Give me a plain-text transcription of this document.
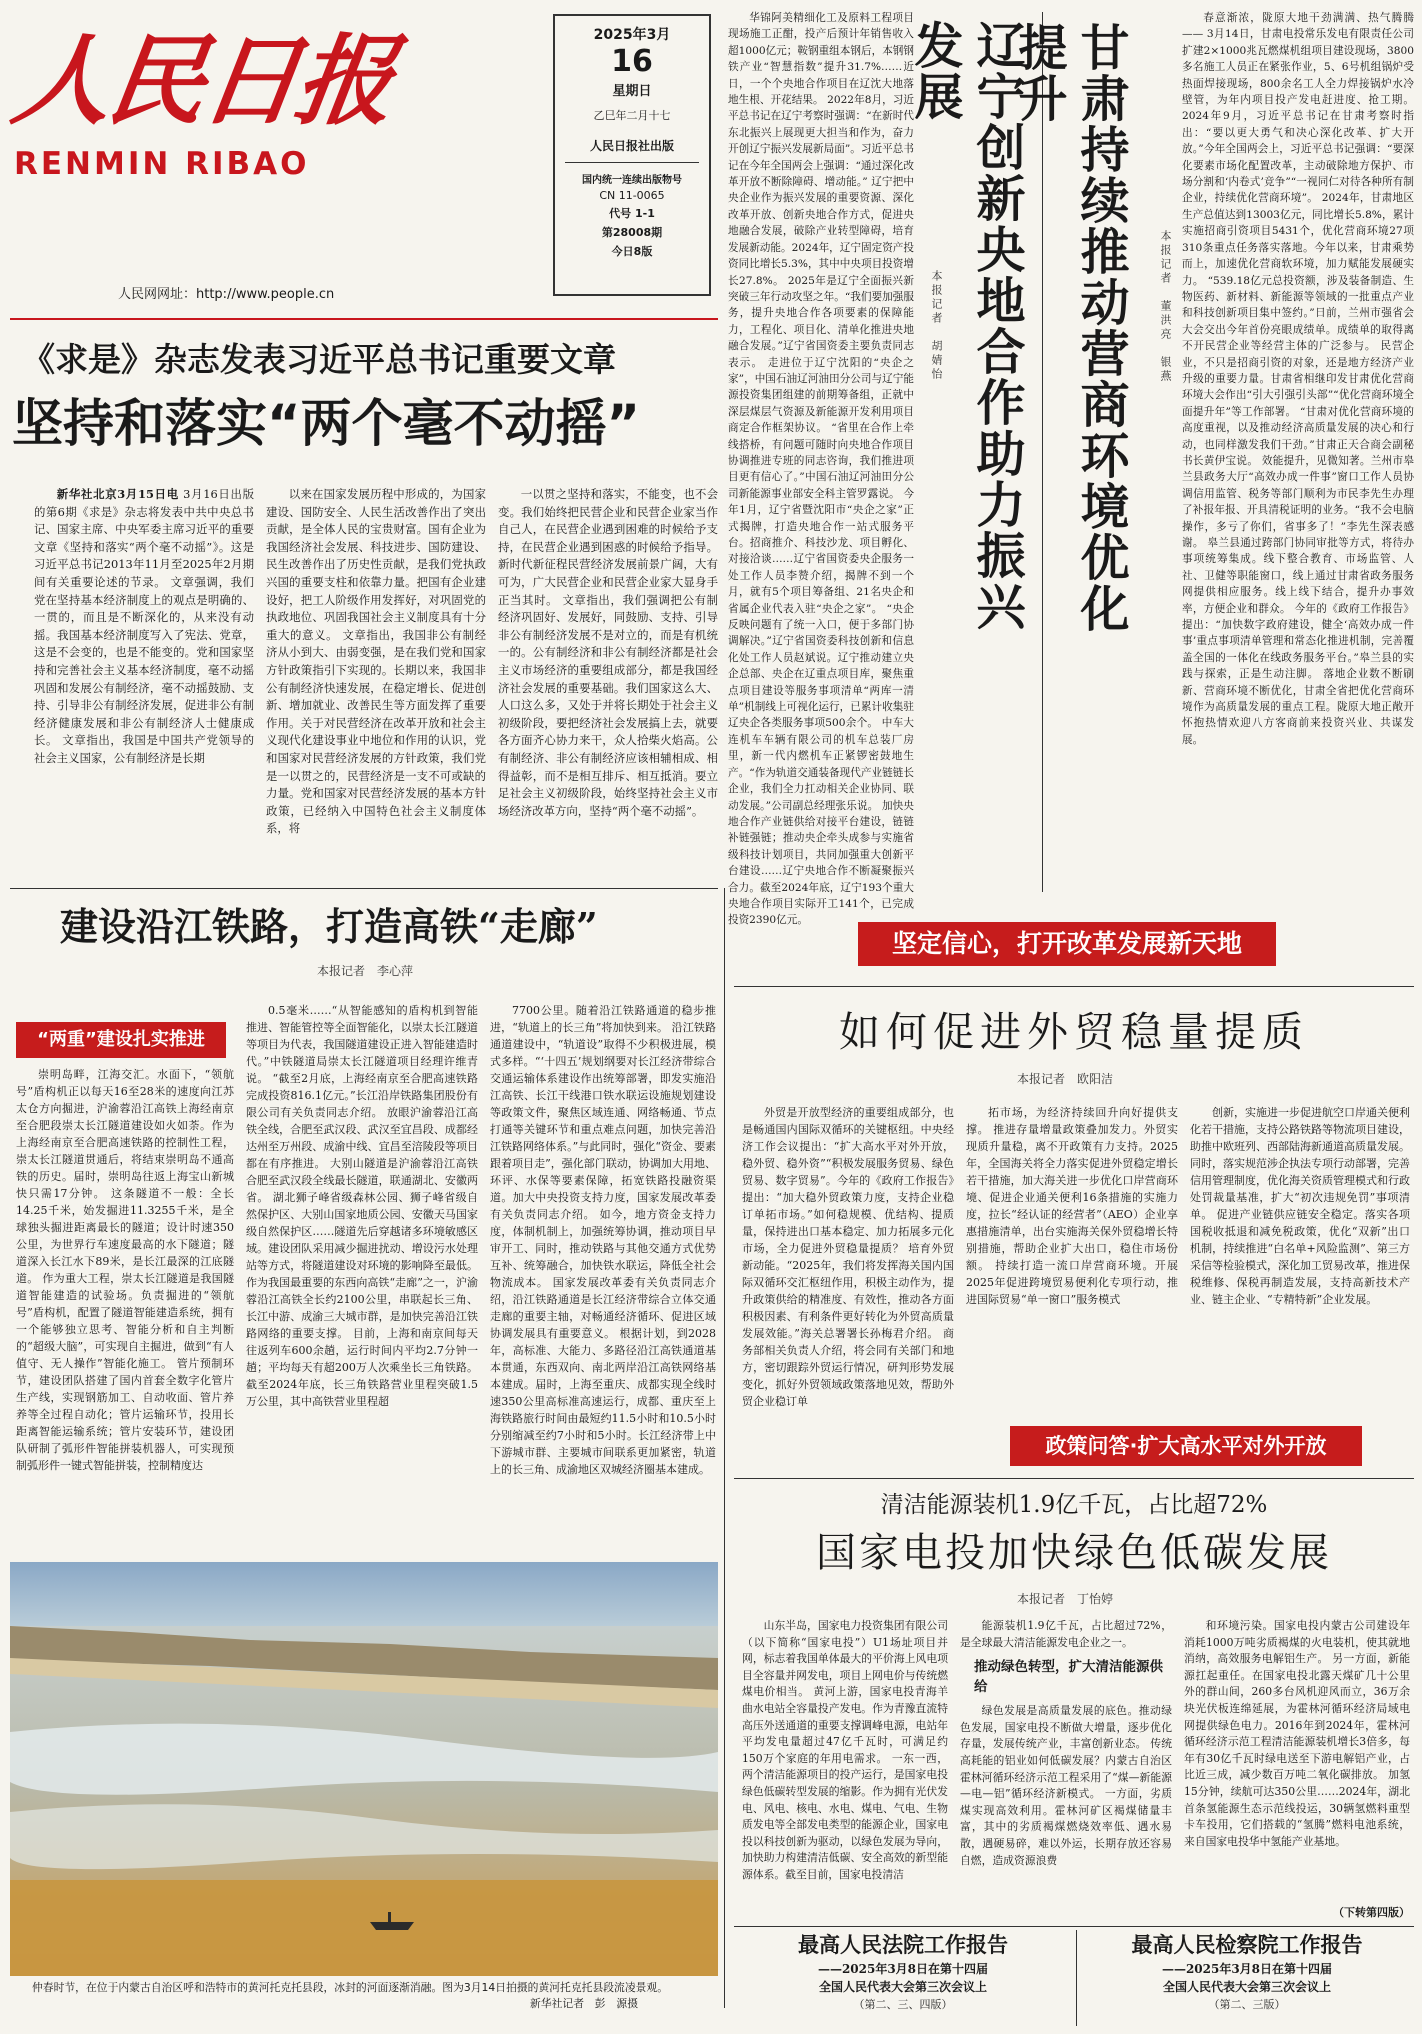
人民日报
RENMIN RIBAO
人民网网址：http://www.people.cn
2025年3月
16
星期日
乙巳年二月十七
人民日报社出版
国内统一连续出版物号
CN 11-0065
代号 1-1
第28008期
今日8版
华锦阿美精细化工及原料工程项目现场施工正酣，投产后预计年销售收入超1000亿元；鞍钢重组本钢后，本钢钢铁产业“智慧指数”提升31.7%……近日，一个个央地合作项目在辽沈大地落地生根、开花结果。 2022年8月，习近平总书记在辽宁考察时强调：“在新时代东北振兴上展现更大担当和作为，奋力开创辽宁振兴发展新局面”。习近平总书记在今年全国两会上强调：“通过深化改革开放不断除障碍、增动能。” 辽宁把中央企业作为振兴发展的重要资源、深化改革开放、创新央地合作方式，促进央地融合发展，破除产业转型障碍，培育发展新动能。2024年，辽宁固定资产投资同比增长5.3%，其中中央项目投资增长27.8%。 2025年是辽宁全面振兴新突破三年行动攻坚之年。“我们要加强服务，提升央地合作各项要素的保障能力，工程化、项目化、清单化推进央地融合发展。”辽宁省国资委主要负责同志表示。 走进位于辽宁沈阳的“央企之家”，中国石油辽河油田分公司与辽宁能源投资集团组建的前期筹备组，正就中深层煤层气资源及新能源开发利用项目商定合作框架协议。 “省里在合作上牵线搭桥，有问题可随时向央地合作项目协调推进专班的同志咨询，我们推进项目更有信心了。”中国石油辽河油田分公司新能源事业部安全科主管罗露说。 今年1月，辽宁省暨沈阳市“央企之家”正式揭牌，打造央地合作一站式服务平台。招商推介、科技沙龙、项目孵化、对接洽谈……辽宁省国资委央企服务一处工作人员李赞介绍，揭牌不到一个月，就有5个项目筹备组、21名央企和省属企业代表入驻“央企之家”。 “央企反映问题有了统一入口，便于多部门协调解决。”辽宁省国资委科技创新和信息化处工作人员赵斌说。辽宁推动建立央企总部、央企在辽重点项目库，聚焦重点项目建设等服务事项清单“两库一清单”机制线上可视化运行，已累计收集驻辽央企各类服务事项500余个。 中车大连机车车辆有限公司的机车总装厂房里，新一代内燃机车正紧锣密鼓地生产。“作为轨道交通装备现代产业链链长企业，我们全力扛动相关企业协同、联动发展。”公司副总经理张乐说。 加快央地合作产业链供给对接平台建设，链链补链强链；推动央企牵头成参与实施省级科技计划项目，共同加强重大创新平台建设……辽宁央地合作不断凝聚振兴合力。截至2024年底，辽宁193个重大央地合作项目实际开工141个，已完成投资2390亿元。
本报记者　胡婧怡 辽宁创新央地合作助力振兴发展	甘肃持续推动营商环境优化提升
本报记者　董洪亮　银燕
春意渐浓，陇原大地干劲满满、热气腾腾—— 3月14日，甘肃电投常乐发电有限责任公司扩建2×1000兆瓦燃煤机组项目建设现场，3800多名施工人员正在紧张作业，5、6号机组锅炉受热面焊接现场，800余名工人全力焊接锅炉水冷壁管，为年内项目投产发电赶进度、抢工期。 2024年9月，习近平总书记在甘肃考察时指出：“要以更大勇气和决心深化改革、扩大开放。”今年全国两会上，习近平总书记强调：“要深化要素市场化配置改革，主动破除地方保护、市场分割和‘内卷式’竞争”“一视同仁对待各种所有制企业，持续优化营商环境”。 2024年，甘肃地区生产总值达到13003亿元，同比增长5.8%，累计实施招商引资项目5431个，优化营商环境27项310条重点任务落实落地。今年以来，甘肃乘势而上，加速优化营商软环境，加力赋能发展硬实力。 “539.18亿元总投资额，涉及装备制造、生物医药、新材料、新能源等领域的一批重点产业和科技创新项目集中签约。”日前，兰州市强省会大会交出今年首份亮眼成绩单。成绩单的取得离不开民营企业等经营主体的广泛参与。 民营企业，不只是招商引资的对象，还是地方经济产业升级的重要力量。甘肃省相继印发甘肃优化营商环境大会作出“引大引强引头部”“优化营商环境全面提升年”等工作部署。 “甘肃对优化营商环境的高度重视，以及推动经济高质量发展的决心和行动，也同样激发我们干劲。”甘肃正天合商会副秘书长黄伊宝说。 效能提升，见微知著。兰州市皋兰县政务大厅“高效办成一件事”窗口工作人员协调信用监管、税务等部门顺利为市民李先生办理了补报年报、开具清税证明的业务。“我不会电脑操作，多亏了你们，省事多了！”李先生深表感谢。 皋兰县通过跨部门协同审批等方式，将待办事项统筹集成。线下整合教育、市场监管、人社、卫健等职能窗口，线上通过甘肃省政务服务网提供相应服务。线上线下结合，提升办事效率，方便企业和群众。 今年的《政府工作报告》提出：“加快数字政府建设，健全‘高效办成一件事’重点事项清单管理和常态化推进机制，完善覆盖全国的一体化在线政务服务平台。”皋兰县的实践与探索，正是生动注脚。 落地企业数不断刷新、营商环境不断优化，甘肃全省把优化营商环境作为高质量发展的重点工程。陇原大地正敞开怀抱热情欢迎八方客商前来投资兴业、共谋发展。
坚定信心，打开改革发展新天地
《求是》杂志发表习近平总书记重要文章
坚持和落实“两个毫不动摇”
新华社北京3月15日电 3月16日出版的第6期《求是》杂志将发表中共中央总书记、国家主席、中央军委主席习近平的重要文章《坚持和落实“两个毫不动摇”》。这是习近平总书记2013年11月至2025年2月期间有关重要论述的节录。 文章强调，我们党在坚持基本经济制度上的观点是明确的、一贯的，而且是不断深化的，从来没有动摇。我国基本经济制度写入了宪法、党章，这是不会变的，也是不能变的。党和国家坚持和完善社会主义基本经济制度，毫不动摇巩固和发展公有制经济，毫不动摇鼓励、支持、引导非公有制经济发展，促进非公有制经济健康发展和非公有制经济人士健康成长。 文章指出，我国是中国共产党领导的社会主义国家，公有制经济是长期
以来在国家发展历程中形成的，为国家建设、国防安全、人民生活改善作出了突出贡献，是全体人民的宝贵财富。国有企业为我国经济社会发展、科技进步、国防建设、民生改善作出了历史性贡献，是我们党执政兴国的重要支柱和依靠力量。把国有企业建设好，把工人阶级作用发挥好，对巩固党的执政地位、巩固我国社会主义制度具有十分重大的意义。 文章指出，我国非公有制经济从小到大、由弱变强，是在我们党和国家方针政策指引下实现的。长期以来，我国非公有制经济快速发展，在稳定增长、促进创新、增加就业、改善民生等方面发挥了重要作用。关于对民营经济在改革开放和社会主义现代化建设事业中地位和作用的认识，党和国家对民营经济发展的方针政策，我们党是一以贯之的，民营经济是一支不可或缺的力量。党和国家对民营经济发展的基本方针政策，已经纳入中国特色社会主义制度体系，将
一以贯之坚持和落实，不能变，也不会变。我们始终把民营企业和民营企业家当作自己人，在民营企业遇到困难的时候给予支持，在民营企业遇到困惑的时候给予指导。新时代新征程民营经济发展前景广阔，大有可为，广大民营企业和民营企业家大显身手正当其时。 文章指出，我们强调把公有制经济巩固好、发展好，同鼓励、支持、引导非公有制经济发展不是对立的，而是有机统一的。公有制经济和非公有制经济都是社会主义市场经济的重要组成部分，都是我国经济社会发展的重要基础。我们国家这么大、人口这么多，又处于并将长期处于社会主义初级阶段，要把经济社会发展搞上去，就要各方面齐心协力来干，众人拾柴火焰高。公有制经济、非公有制经济应该相辅相成、相得益彰，而不是相互排斥、相互抵消。要立足社会主义初级阶段，始终坚持社会主义市场经济改革方向，坚持“两个毫不动摇”。
建设沿江铁路，打造高铁“走廊”
本报记者　李心萍
“两重”建设扎实推进
崇明岛畔，江海交汇。水面下，“领航号”盾构机正以每天16至28米的速度向江苏太仓方向掘进，沪渝蓉沿江高铁上海经南京至合肥段崇太长江隧道建设如火如荼。作为上海经南京至合肥高速铁路的控制性工程，崇太长江隧道贯通后，将结束崇明岛不通高铁的历史。届时，崇明岛往返上海宝山新城快只需17分钟。 这条隧道不一般：全长14.25千米，始发掘进11.3255千米，是全球独头掘进距离最长的隧道；设计时速350公里，为世界行车速度最高的水下隧道；隧道深入长江水下89米，是长江最深的江底隧道。 作为重大工程，崇太长江隧道是我国隧道智能建造的试验场。负责掘进的“领航号”盾构机，配置了隧道智能建造系统，拥有一个能够独立思考、智能分析和自主判断的“超级大脑”，可实现自主掘进，做到“有人值守、无人操作”智能化施工。 管片预制环节，建设团队搭建了国内首套全数字化管片生产线，实现钢筋加工、自动收面、管片养养等全过程自动化；管片运输环节，投用长距离智能运输系统；管片安装环节，建设团队研制了弧形件智能拼装机器人，可实现预制弧形件一键式智能拼装，控制精度达
0.5毫米……“从智能感知的盾构机到智能推进、智能管控等全面智能化，以崇太长江隧道等项目为代表，我国隧道建设正进入智能建造时代。”中铁隧道局崇太长江隧道项目经理许维青说。 “截至2月底，上海经南京至合肥高速铁路完成投资816.1亿元。”长江沿岸铁路集团股份有限公司有关负责同志介绍。 放眼沪渝蓉沿江高铁全线，合肥至武汉段、武汉至宜昌段、成都经达州至万州段、成渝中线、宜昌至涪陵段等项目都在有序推进。 大别山隧道是沪渝蓉沿江高铁合肥至武汉段全线最长隧道，联通湖北、安徽两省。 湖北狮子峰省级森林公园、狮子峰省级自然保护区、大别山国家地质公园、安徽天马国家级自然保护区……隧道先后穿越诸多环境敏感区域。建设团队采用减少掘进扰动、增设污水处理站等方式，将隧道建设对环境的影响降至最低。 作为我国最重要的东西向高铁“走廊”之一，沪渝蓉沿江高铁全长约2100公里，串联起长三角、长江中游、成渝三大城市群，是加快完善沿江铁路网络的重要支撑。 目前，上海和南京间每天往返列车600余趟，运行时间内平均2.7分钟一趟；平均每天有超200万人次乘坐长三角铁路。截至2024年底，长三角铁路营业里程突破1.5万公里，其中高铁营业里程超
7700公里。随着沿江铁路通道的稳步推进，“轨道上的长三角”将加快到来。 沿江铁路通道建设中，“轨道设”取得不少积极进展，模式多样。“‘十四五’规划纲要对长江经济带综合交通运输体系建设作出统筹部署，即发实施沿江高铁、长江干线港口铁水联运设施规划建设等政策文件，聚焦区域连通、网络畅通、节点打通等关键环节和重点难点问题，加快完善沿江铁路网络体系。”与此同时，强化“资金、要素跟着项目走”，强化部门联动，协调加大用地、环评、水保等要素保障，拓宽铁路投融资渠道。加大中央投资支持力度，国家发展改革委有关负责同志介绍。 如今，地方资金支持力度，体制机制上，加强统筹协调，推动项目早审开工、同时，推动铁路与其他交通方式优势互补、统筹融合，加快铁水联运，降低全社会物流成本。 国家发展改革委有关负责同志介绍，沿江铁路通道是长江经济带综合立体交通走廊的重要主轴，对畅通经济循环、促进区域协调发展具有重要意义。 根据计划，到2028年，高标准、大能力、多路径沿江高铁通道基本贯通，东西双向、南北两岸沿江高铁网络基本建成。届时，上海至重庆、成都实现全线时速350公里高标准高速运行，成都、重庆至上海铁路旅行时间由最短约11.5小时和10.5小时分别缩减至约7小时和5小时。长江经济带上中下游城市群、主要城市间联系更加紧密，轨道上的长三角、成渝地区双城经济圈基本建成。
仲春时节，在位于内蒙古自治区呼和浩特市的黄河托克托县段，冰封的河面逐渐消融。图为3月14日拍摄的黄河托克托县段流凌景观。
新华社记者　彭　源摄
如何促进外贸稳量提质
本报记者　欧阳洁
外贸是开放型经济的重要组成部分，也是畅通国内国际双循环的关键枢纽。中央经济工作会议提出：“扩大高水平对外开放，稳外贸、稳外资”“积极发展服务贸易、绿色贸易、数字贸易”。今年的《政府工作报告》提出：“加大稳外贸政策力度，支持企业稳订单拓市场。”如何稳规模、优结构、提质量，保持进出口基本稳定、加力拓展多元化市场，全力促进外贸稳量提质？ 培育外贸新动能。“2025年，我们将发挥海关国内国际双循环交汇枢纽作用，积极主动作为，提升政策供给的精准度、有效性，推动各方面积极因素、有利条件更好转化为外贸高质量发展效能。”海关总署署长孙梅君介绍。 商务部相关负责人介绍，将会同有关部门和地方，密切跟踪外贸运行情况，研判形势发展变化，抓好外贸领域政策落地见效，帮助外贸企业稳订单
拓市场，为经济持续回升向好提供支撑。 推进存量增量政策叠加发力。外贸实现质升量稳，离不开政策有力支持。2025年，全国海关将全力落实促进外贸稳定增长若干措施，加大海关进一步优化口岸营商环境、促进企业通关便利16条措施的实施力度，拉长“经认证的经营者”（AEO）企业享惠措施清单，出台实施海关保外贸稳增长特别措施，帮助企业扩大出口，稳住市场份额。 持续打造一流口岸营商环境。开展2025年促进跨境贸易便利化专项行动，推进国际贸易“单一窗口”服务模式
创新，实施进一步促进航空口岸通关便利化若干措施，支持公路铁路等物流项目建设，助推中欧班列、西部陆海新通道高质量发展。同时，落实规范涉企执法专项行动部署，完善信用管理制度，优化海关资质管理模式和行政处罚裁量基准，扩大“初次违规免罚”事项清单。 促进产业链供应链安全稳定。落实各项国税收抵退和减免税政策，优化“双新”出口机制，持续推进“白名单+风险监测”、第三方采信等检验模式，深化加工贸易改革，推进保税维修、保税再制造发展，支持高新技术产业、链主企业、“专精特新”企业发展。
政策问答·扩大高水平对外开放
清洁能源装机1.9亿千瓦，占比超72%
国家电投加快绿色低碳发展
本报记者　丁怡婷
山东半岛，国家电力投资集团有限公司（以下简称“国家电投”）U1场址项目并网，标志着我国单体最大的平价海上风电项目全容量并网发电，项目上网电价与传统燃煤电价相当。 黄河上游，国家电投青海羊曲水电站全容量投产发电。作为青豫直流特高压外送通道的重要支撑调峰电源，电站年平均发电量超过47亿千瓦时，可满足约150万个家庭的年用电需求。 一东一西，两个清洁能源项目的投产运行，是国家电投绿色低碳转型发展的缩影。作为拥有光伏发电、风电、核电、水电、煤电、气电、生物质发电等全部发电类型的能源企业，国家电投以科技创新为驱动，以绿色发展为导向，加快助力构建清洁低碳、安全高效的新型能源体系。截至目前，国家电投清洁
能源装机1.9亿千瓦，占比超过72%，是全球最大清洁能源发电企业之一。
推动绿色转型，扩大清洁能源供给
绿色发展是高质量发展的底色。推动绿色发展，国家电投不断做大增量，逐步优化存量，发展传统产业，丰富创新业态。 传统高耗能的铝业如何低碳发展？内蒙古自治区霍林河循环经济示范工程采用了“煤—新能源—电—铝”循环经济新模式。 一方面，劣质煤实现高效利用。霍林河矿区褐煤储量丰富，其中的劣质褐煤燃烧效率低、遇水易散，遇硬易碎，难以外运，长期存放还容易自燃，造成资源浪费
和环境污染。国家电投内蒙古公司建设年消耗1000万吨劣质褐煤的火电装机，使其就地消纳，高效服务电解铝生产。 另一方面，新能源扛起重任。在国家电投北露天煤矿几十公里外的群山间，260多台风机迎风而立，36万余块光伏板连绵延展，为霍林河循环经济局域电网提供绿色电力。2016年到2024年，霍林河循环经济示范工程清洁能源装机增长3倍多，每年有30亿千瓦时绿电送至下游电解铝产业，占比近三成，减少数百万吨二氧化碳排放。 加氢15分钟，续航可达350公里……2024年，湖北首条氢能源生态示范线投运，30辆氢燃料重型卡车投用，它们搭载的“氢腾”燃料电池系统，来自国家电投华中氢能产业基地。
（下转第四版）
最高人民法院工作报告
——2025年3月8日在第十四届
全国人民代表大会第三次会议上
（第二、三、四版）
最高人民检察院工作报告
——2025年3月8日在第十四届
全国人民代表大会第三次会议上
（第二、三版）
